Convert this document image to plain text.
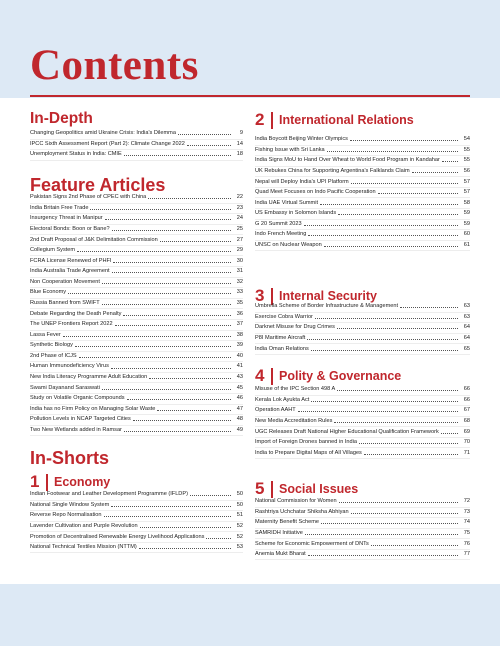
Contents
In-Depth
Changing Geopolitics amid Ukraine Crisis: India's Dilemma	9
IPCC Sixth Assessment Report (Part 2): Climate Change 2022	14
Unemployment Status in India: CMIE	18
Feature Articles
Pakistan Signs 2nd Phase of CPEC with China	22
India Britain Free Trade	23
Insurgency Threat in Manipur	24
Electoral Bonds: Boon or Bane?	25
2nd Draft Proposal of J&K Delimitation Commission	27
Collegium System	29
FCRA License Renewed of PHFI	30
India Australia Trade Agreement	31
Non Cooperation Movement	32
Blue Economy	33
Russia Banned from SWIFT	35
Debate Regarding the Death Penalty	36
The UNEP Frontiers Report 2022	37
Lassa Fever	38
Synthetic Biology	39
2nd Phase of ICJS	40
Human Immunodeficiency Virus	41
New India Literacy Programme Adult Education	43
Swami Dayanand Saraswati	45
Study on Volatile Organic Compounds	46
India has no Firm Policy on Managing Solar Waste	47
Pollution Levels in NCAP Targeted Cities	48
Two New Wetlands added in Ramsar	49
In-Shorts
1	Economy
Indian Footwear and Leather Development Programme (IFLDP)	50
National Single Window System	50
Reverse Repo Normalisation	51
Lavender Cultivation and Purple Revolution	52
Promotion of Decentralised Renewable Energy Livelihood Applications	52
National Technical Textiles Mission (NTTM)	53
2	International Relations
India Boycott Beijing Winter Olympics	54
Fishing Issue with Sri Lanka	55
India Signs MoU to Hand Over Wheat to World Food Program in Kandahar	55
UK Rebukes China for Supporting Argentina's Falklands Claim	56
Nepal will Deploy India's UPI Platform	57
Quad Meet Focuses on Indo Pacific Cooperation	57
India UAE Virtual Summit	58
US Embassy in Solomon Islands	59
G 20 Summit 2023	59
Indo French Meeting	60
UNSC on Nuclear Weapon	61
3	Internal Security
Umbrella Scheme of Border Infrastructure & Management	63
Exercise Cobra Warrior	63
Darknet Misuse for Drug Crimes	64
P8I Maritime Aircraft	64
India Oman Relations	65
4	Polity & Governance
Misuse of the IPC Section 498 A	66
Kerala Lok Ayukta Act	66
Operation AAHT	67
New Media Accreditation Rules	68
UGC Releases Draft National Higher Educational Qualification Framework	69
Import of Foreign Drones banned in India	70
India to Prepare Digital Maps of All Villages	71
5	Social Issues
National Commission for Women	72
Rashtriya Uchchatar Shiksha Abhiyan	73
Maternity Benefit Scheme	74
SAMRIDH Initiative	75
Scheme for Economic Empowerment of DNTs	76
Anemia Mukt Bharat	77
